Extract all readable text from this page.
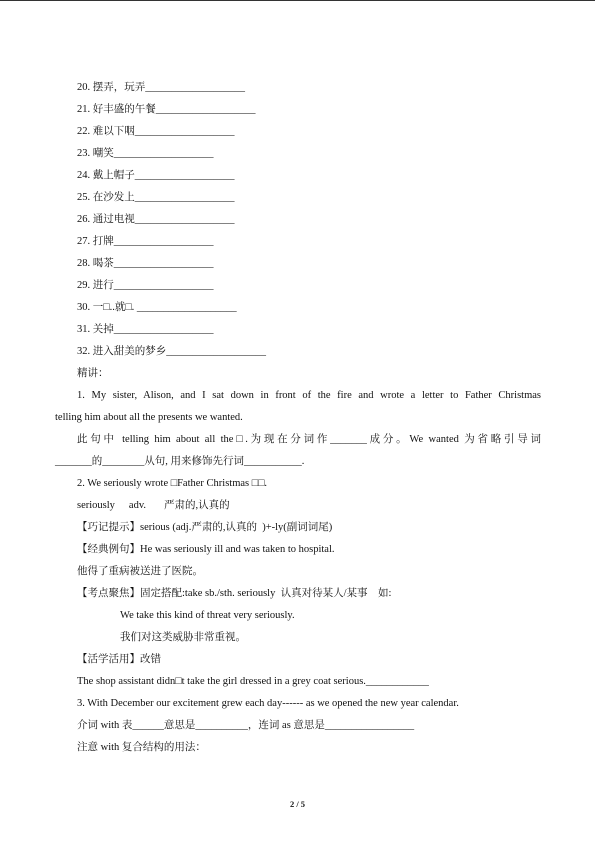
20. 摆弄，玩弄___________________
21. 好丰盛的午餐___________________
22. 难以下咽___________________
23. 嘲笑___________________
24. 戴上帽子___________________
25. 在沙发上___________________
26. 通过电视___________________
27. 打牌___________________
28. 喝茶___________________
29. 进行___________________
30. 一□..就□. ___________________
31. 关掉___________________
32. 进入甜美的梦乡___________________
精讲：
1. My sister, Alison, and I sat down in front of the fire and wrote a letter to Father Christmas
telling him about all the presents we wanted.
此句中 telling him about all the□.为现在分词作_______成分。We wanted 为省略引导词
_______的________从句, 用来修饰先行词___________.
2. We seriously wrote □Father Christmas □□.
seriously adv. 严肃的,认真的
【巧记提示】serious (adj.严肃的,认真的  )+-ly(副词词尾)
【经典例句】He was seriously ill and was taken to hospital.
他得了重病被送进了医院。
【考点聚焦】固定搭配:take sb./sth. seriously  认真对待某人/某事    如:
We take this kind of threat very seriously.
我们对这类威胁非常重视。
【活学活用】改错
The shop assistant didn□t take the girl dressed in a grey coat serious.____________
3. With December our excitement grew each day------ as we opened the new year calendar.
介词 with 表______意思是__________，连词 as 意思是_________________
注意 with 复合结构的用法：
2 / 5
